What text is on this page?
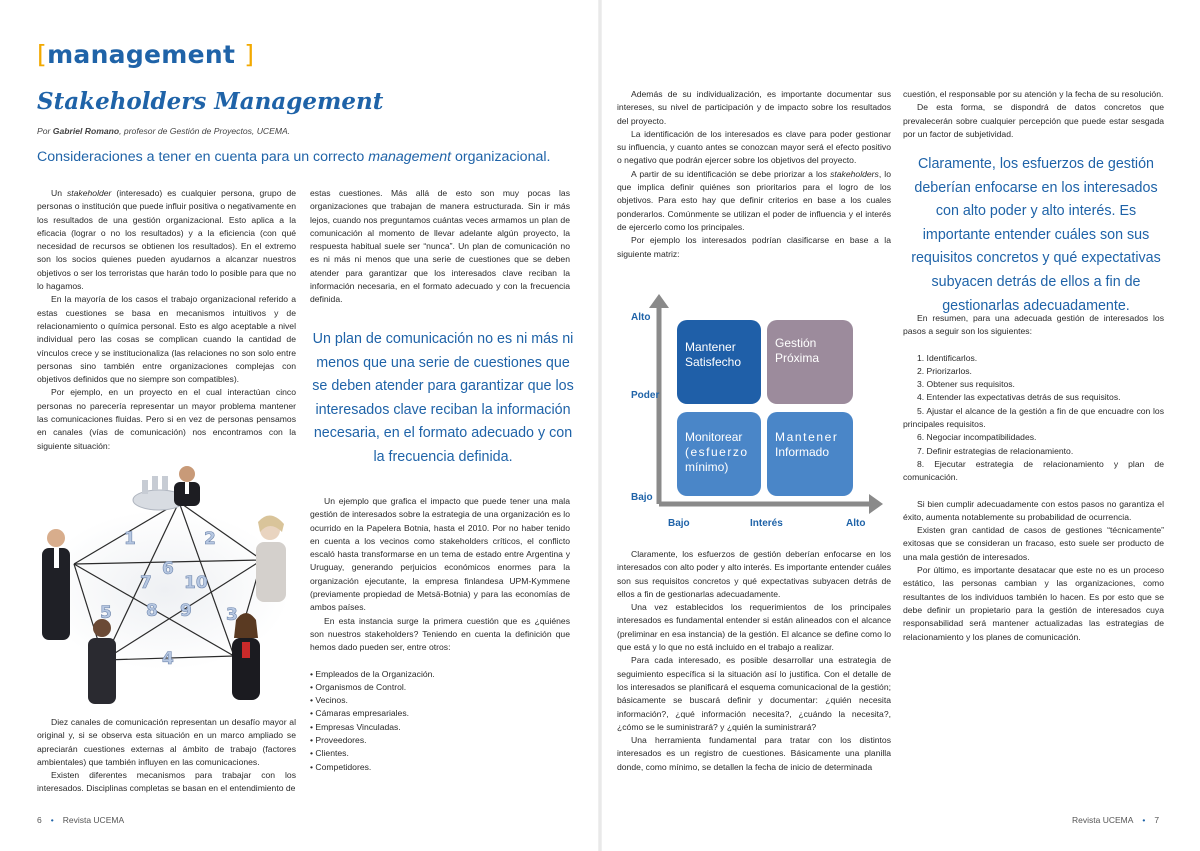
[management ]
Stakeholders Management
Por Gabriel Romano, profesor de Gestión de Proyectos, UCEMA.
Consideraciones a tener en cuenta para un correcto management organizacional.

Un stakeholder (interesado) es cualquier persona, grupo de personas o institución que puede influir positiva o negativamente en los resultados de una gestión organizacional. Esto aplica a la eficacia (lograr o no los resultados) y a la eficiencia (con qué necesidad de recursos se obtienen los resultados). En el extremo son los socios quienes pueden ayudarnos a alcanzar nuestros objetivos o ser los terroristas que harán todo lo posible para que no lo hagamos.

En la mayoría de los casos el trabajo organizacional referido a estas cuestiones se basa en mecanismos intuitivos y de relacionamiento o química personal. Esto es algo aceptable a nivel individual pero las cosas se complican cuando la cantidad de vínculos crece y se institucionaliza (las relaciones no son solo entre personas sino también entre organizaciones complejas con objetivos definidos que no siempre son compatibles).

Por ejemplo, en un proyecto en el cual interactúan cinco personas no parecería representar un mayor problema mantener las comunicaciones fluidas. Pero si en vez de personas pensamos en canales (vías de comunicación) nos encontramos con la siguiente situación:

1	2
3
4
5
6
7
8 9
10

Diez canales de comunicación representan un desafío mayor al original y, si se observa esta situación en un marco ampliado se apreciarán cuestiones externas al ámbito de trabajo (factores ambientales) que también influyen en las comunicaciones.

Existen diferentes mecanismos para trabajar con los interesados. Disciplinas completas se basan en el entendimiento de

estas cuestiones. Más allá de esto son muy pocas las organizaciones que trabajan de manera estructurada. Sin ir más lejos, cuando nos preguntamos cuántas veces armamos un plan de comunicación al momento de llevar adelante algún proyecto, la respuesta habitual suele ser “nunca”. Un plan de comunicación no es ni más ni menos que una serie de cuestiones que se deben atender para garantizar que los interesados clave reciban la información necesaria, en el formato adecuado y con la frecuencia definida.

Un plan de comunicación no es ni más ni menos que una serie de cuestiones que se deben atender para garantizar que los interesados clave reciban la información necesaria, en el formato adecuado y con la frecuencia definida.

Un ejemplo que grafica el impacto que puede tener una mala gestión de interesados sobre la estrategia de una organización es lo ocurrido en la Papelera Botnia, hasta el 2010. Por no haber tenido en cuenta a los vecinos como stakeholders críticos, el conflicto escaló hasta transformarse en un tema de estado entre Argentina y Uruguay, generando perjuicios económicos enormes para la organización ejecutante, la empresa finlandesa UPM-Kymmene (previamente propiedad de Metsä-Botnia) y para las economías de ambos países.

En esta instancia surge la primera cuestión que es ¿quiénes son nuestros stakeholders? Teniendo en cuenta la definición que hemos dado pueden ser, entre otros:

• Empleados de la Organización.
• Organismos de Control.
• Vecinos.
• Cámaras empresariales.
• Empresas Vinculadas.
• Proveedores.
• Clientes.
• Competidores.
6 • Revista UCEMA

Además de su individualización, es importante documentar sus intereses, su nivel de participación y de impacto sobre los resultados del proyecto.

La identificación de los interesados es clave para poder gestionar su influencia, y cuanto antes se conozcan mayor será el efecto positivo o negativo que podrán ejercer sobre los objetivos del proyecto.

A partir de su identificación se debe priorizar a los stakeholders, lo que implica definir quiénes son prioritarios para el logro de los objetivos. Para esto hay que definir criterios en base a los cuales ponderarlos. Comúnmente se utilizan el poder de influencia y el interés de ejercerlo como los principales.

Por ejemplo los interesados podrían clasificarse en base a la siguiente matriz:

Alto
Poder
Bajo
Bajo	Interés	Alto
Mantener
Satisfecho
Gestión
Próxima
Monitorear
(esfuerzo
mínimo)
Mantener
Informado

Claramente, los esfuerzos de gestión deberían enfocarse en los interesados con alto poder y alto interés. Es importante entender cuáles son sus requisitos concretos y qué expectativas subyacen detrás de ellos a fin de gestionarlas adecuadamente.

Una vez establecidos los requerimientos de los principales interesados es fundamental entender si están alineados con el alcance (preliminar en esa instancia) de la gestión. El alcance se define como lo que está y lo que no está incluido en el trabajo a realizar.

Para cada interesado, es posible desarrollar una estrategia de seguimiento específica si la situación así lo justifica. Con el detalle de los interesados se planificará el esquema comunicacional de la gestión; básicamente se buscará definir y documentar: ¿quién necesita información?, ¿qué información necesita?, ¿cuándo la necesita?, ¿cómo se le suministrará? y ¿quién la suministrará?

Una herramienta fundamental para tratar con los distintos interesados es un registro de cuestiones. Básicamente una planilla donde, como mínimo, se detallen la fecha de inicio de determinada

cuestión, el responsable por su atención y la fecha de su resolución.

De esta forma, se dispondrá de datos concretos que prevalecerán sobre cualquier percepción que puede estar sesgada por un factor de subjetividad.

Claramente, los esfuerzos de gestión deberían enfocarse en los interesados con alto poder y alto interés. Es importante entender cuáles son sus requisitos concretos y qué expectativas subyacen detrás de ellos a fin de gestionarlas adecuadamente.

En resumen, para una adecuada gestión de interesados los pasos a seguir son los siguientes:

1. Identificarlos.

2. Priorizarlos.

3. Obtener sus requisitos.

4. Entender las expectativas detrás de sus requisitos.

5. Ajustar el alcance de la gestión a fin de que encuadre con los principales requisitos.

6. Negociar incompatibilidades.

7. Definir estrategias de relacionamiento.

8. Ejecutar estrategia de relacionamiento y plan de comunicación.

Si bien cumplir adecuadamente con estos pasos no garantiza el éxito, aumenta notablemente su probabilidad de ocurrencia.

Existen gran cantidad de casos de gestiones “técnicamente” exitosas que se consideran un fracaso, esto suele ser producto de una mala gestión de interesados.

Por último, es importante desatacar que este no es un proceso estático, las personas cambian y las organizaciones, como resultantes de los individuos también lo hacen. Es por esto que se debe definir un propietario para la gestión de interesados cuya responsabilidad será mantener actualizadas las estrategias de relacionamiento y los planes de comunicación.

Revista UCEMA • 7
